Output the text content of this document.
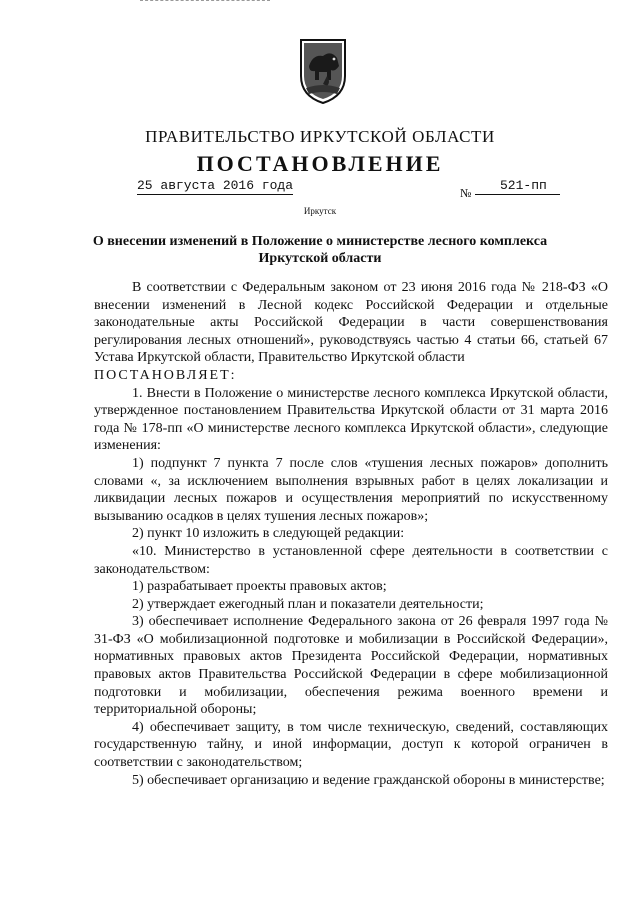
ПРАВИТЕЛЬСТВО ИРКУТСКОЙ ОБЛАСТИ
ПОСТАНОВЛЕНИЕ
25 августа 2016 года	№	521-пп
Иркутск
О внесении изменений в Положение о министерстве лесного комплекса Иркутской области

В соответствии с Федеральным законом от 23 июня 2016 года № 218-ФЗ «О внесении изменений в Лесной кодекс Российской Федерации и отдельные законодательные акты Российской Федерации в части совершенствования регулирования лесных отношений», руководствуясь частью 4 статьи 66, статьей 67 Устава Иркутской области, Правительство Иркутской области

ПОСТАНОВЛЯЕТ:

1. Внести в Положение о министерстве лесного комплекса Иркутской области, утвержденное постановлением Правительства Иркутской области от 31 марта 2016 года № 178-пп «О министерстве лесного комплекса Иркутской области», следующие изменения:

1) подпункт 7 пункта 7 после слов «тушения лесных пожаров» дополнить словами «, за исключением выполнения взрывных работ в целях локализации и ликвидации лесных пожаров и осуществления мероприятий по искусственному вызыванию осадков в целях тушения лесных пожаров»;

2) пункт 10 изложить в следующей редакции:

«10. Министерство в установленной сфере деятельности в соответствии с законодательством:

1) разрабатывает проекты правовых актов;

2) утверждает ежегодный план и показатели деятельности;

3) обеспечивает исполнение Федерального закона от 26 февраля 1997 года № 31-ФЗ «О мобилизационной подготовке и мобилизации в Российской Федерации», нормативных правовых актов Президента Российской Федерации, нормативных правовых актов Правительства Российской Федерации в сфере мобилизационной подготовки и мобилизации, обеспечения режима военного времени и территориальной обороны;

4) обеспечивает защиту, в том числе техническую, сведений, составляющих государственную тайну, и иной информации, доступ к которой ограничен в соответствии с законодательством;

5) обеспечивает организацию и ведение гражданской обороны в министерстве;
